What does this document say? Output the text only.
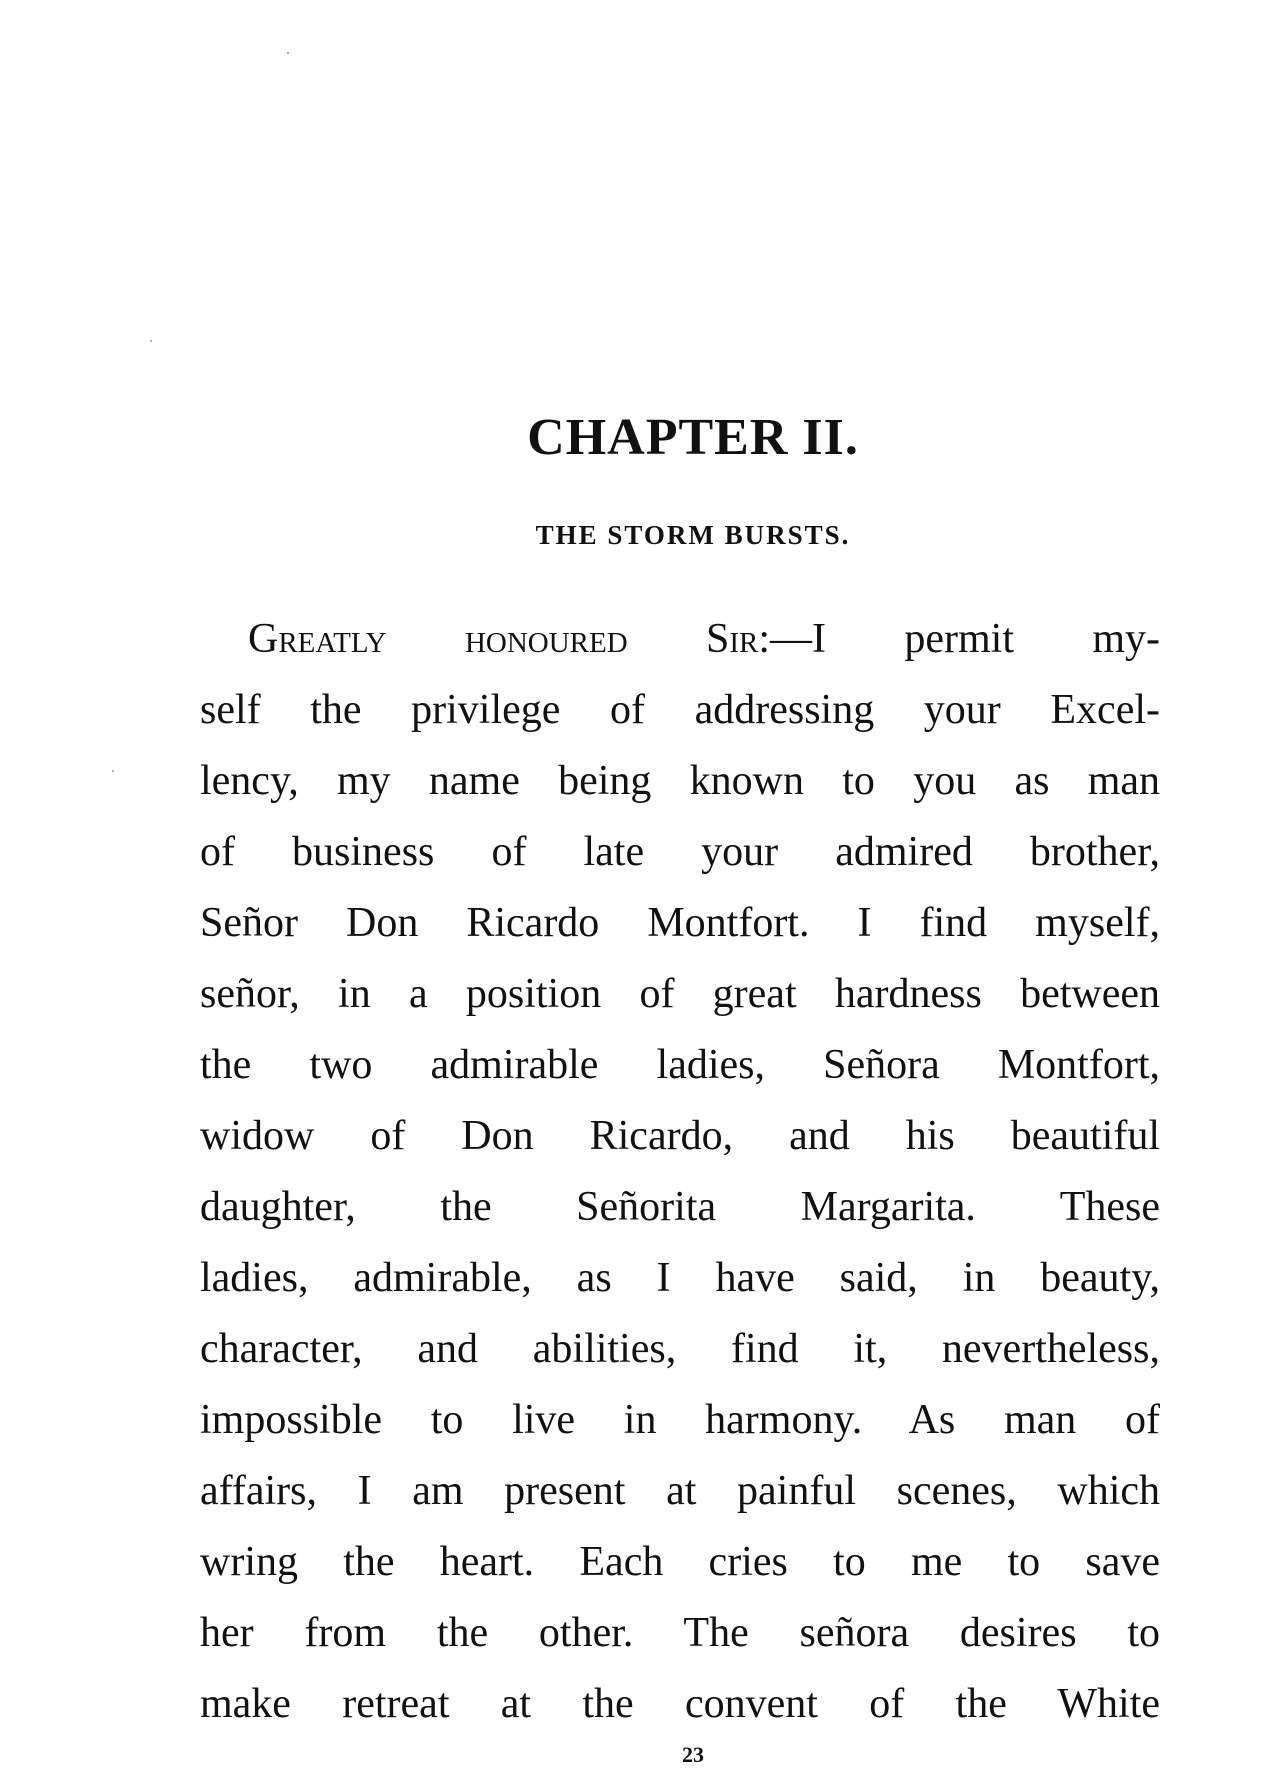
CHAPTER II.
THE STORM BURSTS.
Greatly honoured Sir:—I permit my-
self the privilege of addressing your Excel-
lency, my name being known to you as man
of business of late your admired brother,
Señor Don Ricardo Montfort. I find myself,
señor, in a position of great hardness between
the two admirable ladies, Señora Montfort,
widow of Don Ricardo, and his beautiful
daughter, the Señorita Margarita. These
ladies, admirable, as I have said, in beauty,
character, and abilities, find it, nevertheless,
impossible to live in harmony. As man of
affairs, I am present at painful scenes, which
wring the heart. Each cries to me to save
her from the other. The señora desires to
make retreat at the convent of the White
23
